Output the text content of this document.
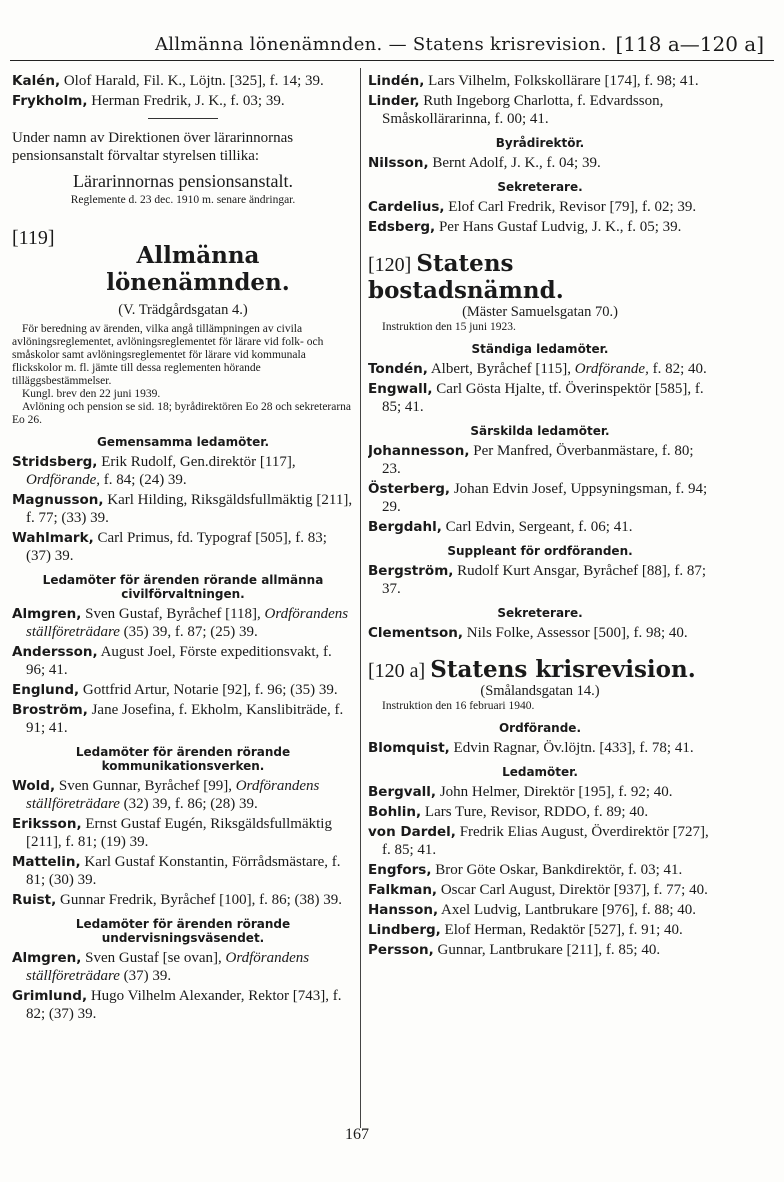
Allmänna lönenämnden. — Statens krisrevision. [118 a—120 a]
Kalén, Olof Harald, Fil. K., Löjtn. [325], f. 14; 39.
Frykholm, Herman Fredrik, J. K., f. 03; 39.
Under namn av Direktionen över lärarinnornas pensionsanstalt förvaltar styrelsen tillika:
Lärarinnornas pensionsanstalt.
Reglemente d. 23 dec. 1910 m. senare ändringar.
[119]
Allmänna lönenämnden.
(V. Trädgårdsgatan 4.)
För beredning av ärenden, vilka angå tillämpningen av civila avlöningsreglementet, avlöningsreglementet för lärare vid folk- och småskolor samt avlöningsreglementet för lärare vid kommunala flickskolor m. fl. jämte till dessa reglementen hörande tilläggsbestämmelser.
Kungl. brev den 22 juni 1939.
Avlöning och pension se sid. 18; byrådirektören Eo 28 och sekreterarna Eo 26.
Gemensamma ledamöter.
Stridsberg, Erik Rudolf, Gen.direktör [117], Ordförande, f. 84; (24) 39.
Magnusson, Karl Hilding, Riksgäldsfullmäktig [211], f. 77; (33) 39.
Wahlmark, Carl Primus, fd. Typograf [505], f. 83; (37) 39.
Ledamöter för ärenden rörande allmänna civilförvaltningen.
Almgren, Sven Gustaf, Byråchef [118], Ordförandens ställföreträdare (35) 39, f. 87; (25) 39.
Andersson, August Joel, Förste expeditionsvakt, f. 96; 41.
Englund, Gottfrid Artur, Notarie [92], f. 96; (35) 39.
Broström, Jane Josefina, f. Ekholm, Kanslibiträde, f. 91; 41.
Ledamöter för ärenden rörande kommunikationsverken.
Wold, Sven Gunnar, Byråchef [99], Ordförandens ställföreträdare (32) 39, f. 86; (28) 39.
Eriksson, Ernst Gustaf Eugén, Riksgäldsfullmäktig [211], f. 81; (19) 39.
Mattelin, Karl Gustaf Konstantin, Förrådsmästare, f. 81; (30) 39.
Ruist, Gunnar Fredrik, Byråchef [100], f. 86; (38) 39.
Ledamöter för ärenden rörande undervisningsväsendet.
Almgren, Sven Gustaf [se ovan], Ordförandens ställföreträdare (37) 39.
Grimlund, Hugo Vilhelm Alexander, Rektor [743], f. 82; (37) 39.
Lindén, Lars Vilhelm, Folkskollärare [174], f. 98; 41.
Linder, Ruth Ingeborg Charlotta, f. Edvardsson, Småskollärarinna, f. 00; 41.
Byrådirektör.
Nilsson, Bernt Adolf, J. K., f. 04; 39.
Sekreterare.
Cardelius, Elof Carl Fredrik, Revisor [79], f. 02; 39.
Edsberg, Per Hans Gustaf Ludvig, J. K., f. 05; 39.
[120] Statens bostadsnämnd.
(Mäster Samuelsgatan 70.)
Instruktion den 15 juni 1923.
Ständiga ledamöter.
Tondén, Albert, Byråchef [115], Ordförande, f. 82; 40.
Engwall, Carl Gösta Hjalte, tf. Överinspektör [585], f. 85; 41.
Särskilda ledamöter.
Johannesson, Per Manfred, Överbanmästare, f. 80; 23.
Österberg, Johan Edvin Josef, Uppsyningsman, f. 94; 29.
Bergdahl, Carl Edvin, Sergeant, f. 06; 41.
Suppleant för ordföranden.
Bergström, Rudolf Kurt Ansgar, Byråchef [88], f. 87; 37.
Sekreterare.
Clementson, Nils Folke, Assessor [500], f. 98; 40.
[120 a] Statens krisrevision.
(Smålandsgatan 14.)
Instruktion den 16 februari 1940.
Ordförande.
Blomquist, Edvin Ragnar, Öv.löjtn. [433], f. 78; 41.
Ledamöter.
Bergvall, John Helmer, Direktör [195], f. 92; 40.
Bohlin, Lars Ture, Revisor, RDDO, f. 89; 40.
von Dardel, Fredrik Elias August, Överdirektör [727], f. 85; 41.
Engfors, Bror Göte Oskar, Bankdirektör, f. 03; 41.
Falkman, Oscar Carl August, Direktör [937], f. 77; 40.
Hansson, Axel Ludvig, Lantbrukare [976], f. 88; 40.
Lindberg, Elof Herman, Redaktör [527], f. 91; 40.
Persson, Gunnar, Lantbrukare [211], f. 85; 40.
167
